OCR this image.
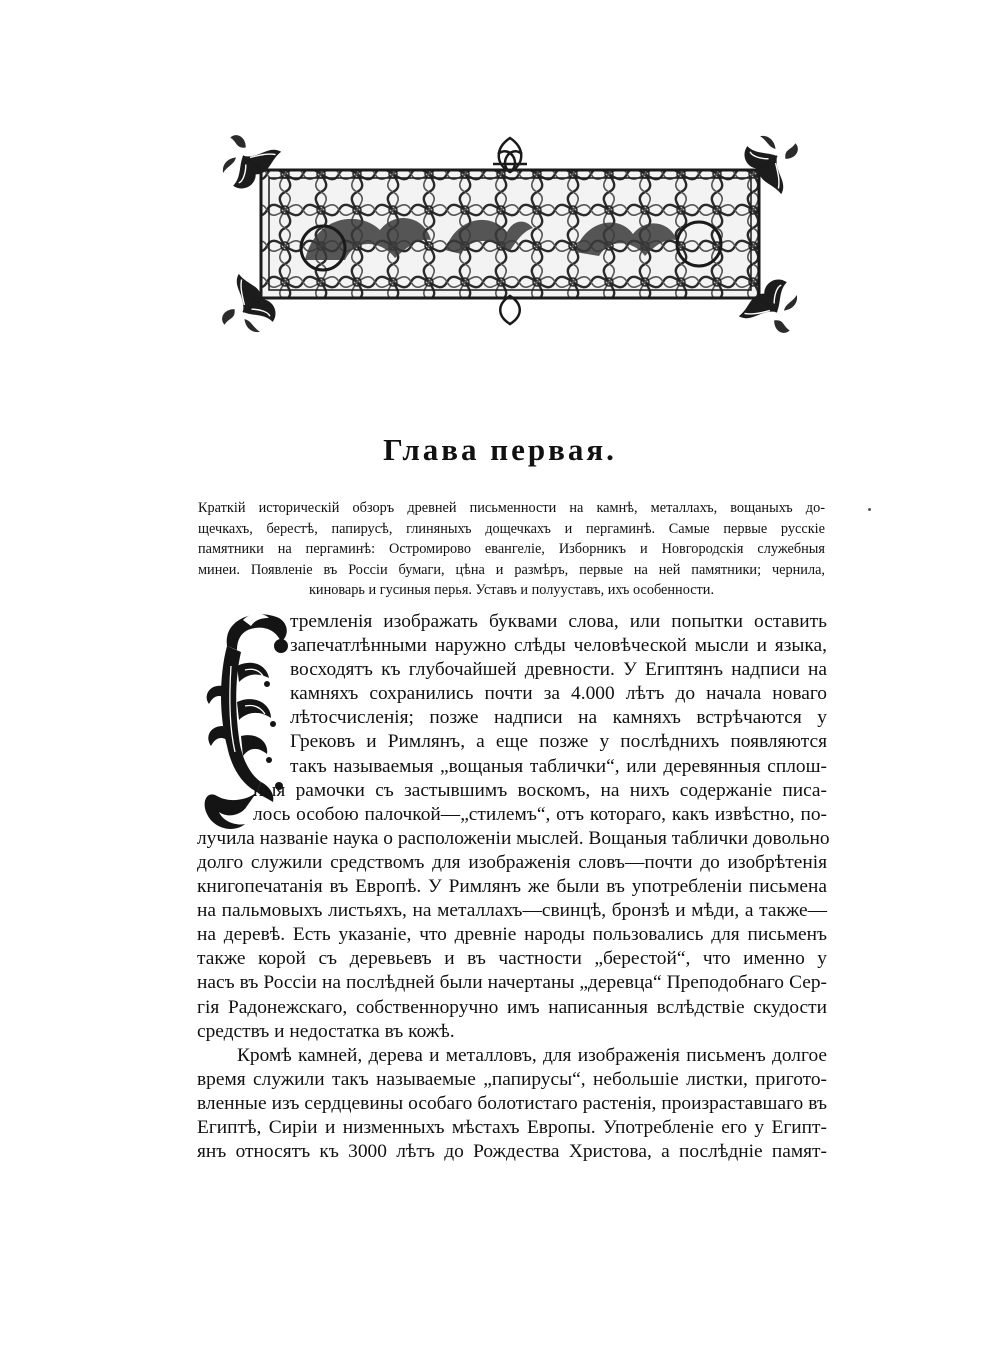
Глава первая.
Краткій историческій обзоръ древней письменности на камнѣ, металлахъ, вощаныхъ до-
щечкахъ, берестѣ, папирусѣ, глиняныхъ дощечкахъ и пергаминѣ. Самые первые русскіе
памятники на пергаминѣ: Остромирово евангеліе, Изборникъ и Новгородскія служебныя
минеи. Появленіе въ Россіи бумаги, цѣна и размѣръ, первые на ней памятники; чернила,
киноварь и гусиныя перья. Уставъ и полууставъ, ихъ особенности.
тремленія изображать буквами слова, или попытки оставить
запечатлѣнными наружно слѣды человѣческой мысли и языка,
восходятъ къ глубочайшей древности. У Египтянъ надписи на
камняхъ сохранились почти за 4.000 лѣтъ до начала новаго
лѣтосчисленія; позже надписи на камняхъ встрѣчаются у
Грековъ и Римлянъ, а еще позже у послѣднихъ появляются
такъ называемыя „вощаныя таблички“, или деревянныя сплош-
ныя рамочки съ застывшимъ воскомъ, на нихъ содержаніе писа-
лось особою палочкой—„стилемъ“, отъ котораго, какъ извѣстно, по-
лучила названіе наука о расположеніи мыслей. Вощаныя таблички довольно
долго служили средствомъ для изображенія словъ—почти до изобрѣтенія
книгопечатанія въ Европѣ. У Римлянъ же были въ употребленіи письмена
на пальмовыхъ листьяхъ, на металлахъ—свинцѣ, бронзѣ и мѣди, а также—
на деревѣ. Есть указаніе, что древніе народы пользовались для письменъ
также корой съ деревьевъ и въ частности „берестой“, что именно у
насъ въ Россіи на послѣдней были начертаны „деревца“ Преподобнаго Сер-
гія Радонежскаго, собственноручно имъ написанныя вслѣдствіе скудости
средствъ и недостатка въ кожѣ.
Кромѣ камней, дерева и металловъ, для изображенія письменъ долгое
время служили такъ называемые „папирусы“, небольшіе листки, пригото-
вленные изъ сердцевины особаго болотистаго растенія, произраставшаго въ
Египтѣ, Сиріи и низменныхъ мѣстахъ Европы. Употребленіе его у Египт-
янъ относятъ къ 3000 лѣтъ до Рождества Христова, а послѣдніе памят-
